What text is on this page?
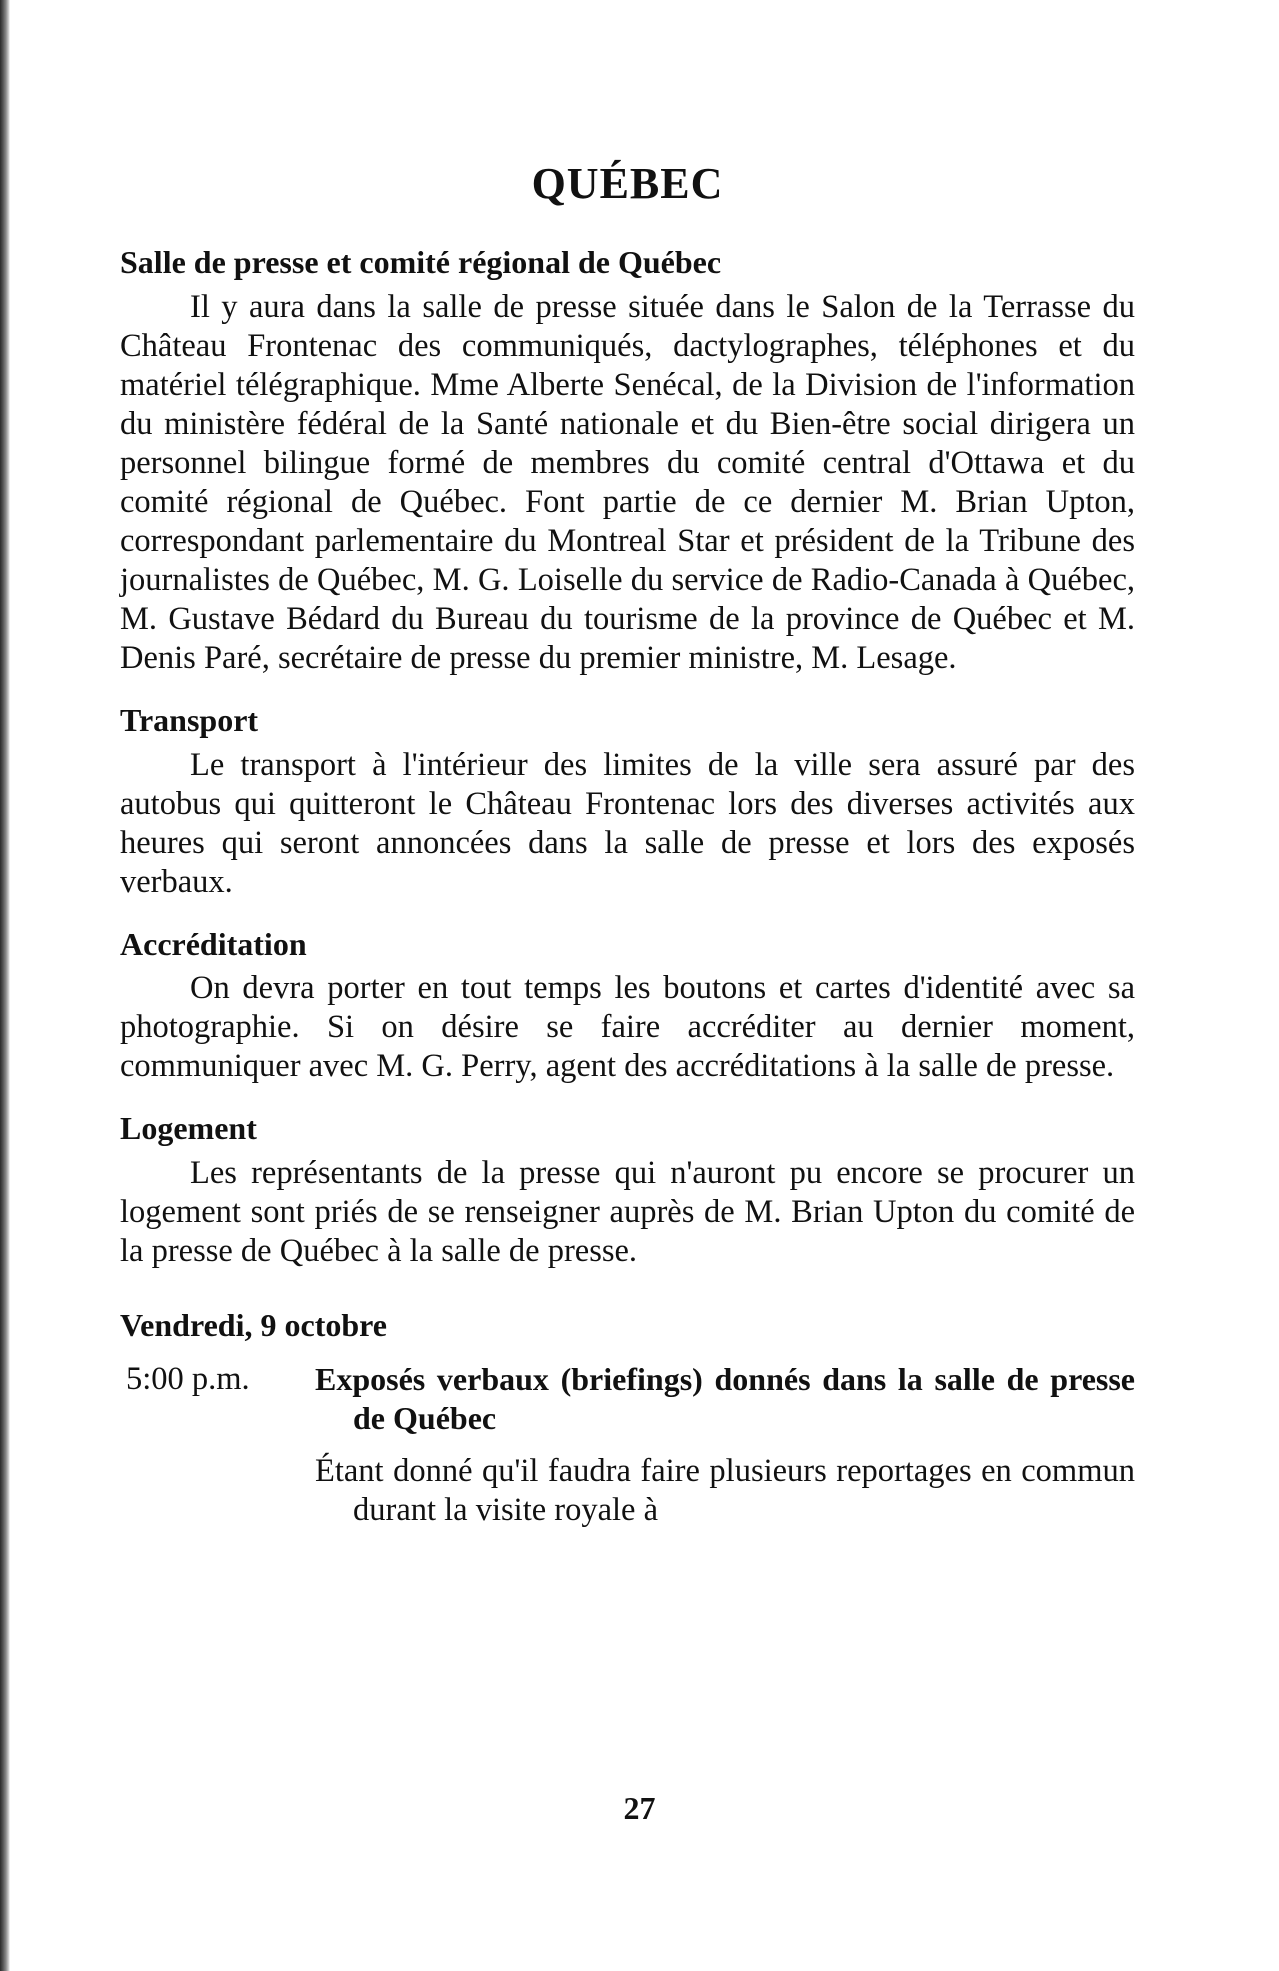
QUÉBEC
Salle de presse et comité régional de Québec

Il y aura dans la salle de presse située dans le Salon de la Terrasse du Château Frontenac des communiqués, dactylographes, téléphones et du matériel télégraphique. Mme Alberte Senécal, de la Division de l'information du ministère fédéral de la Santé nationale et du Bien-être social dirigera un personnel bilingue formé de membres du comité central d'Ottawa et du comité régional de Québec. Font partie de ce dernier M. Brian Upton, correspondant parlementaire du Montreal Star et président de la Tribune des journalistes de Québec, M. G. Loiselle du service de Radio-Canada à Québec, M. Gustave Bédard du Bureau du tourisme de la province de Québec et M. Denis Paré, secrétaire de presse du premier ministre, M. Lesage.

Transport

Le transport à l'intérieur des limites de la ville sera assuré par des autobus qui quitteront le Château Frontenac lors des diverses activités aux heures qui seront annoncées dans la salle de presse et lors des exposés verbaux.

Accréditation

On devra porter en tout temps les boutons et cartes d'identité avec sa photographie. Si on désire se faire accréditer au dernier moment, communiquer avec M. G. Perry, agent des accréditations à la salle de presse.

Logement

Les représentants de la presse qui n'auront pu encore se procurer un logement sont priés de se renseigner auprès de M. Brian Upton du comité de la presse de Québec à la salle de presse.

Vendredi, 9 octobre
5:00 p.m.	Exposés verbaux (briefings) donnés dans la salle de presse de Québec

Étant donné qu'il faudra faire plusieurs reportages en commun durant la visite royale à

27
